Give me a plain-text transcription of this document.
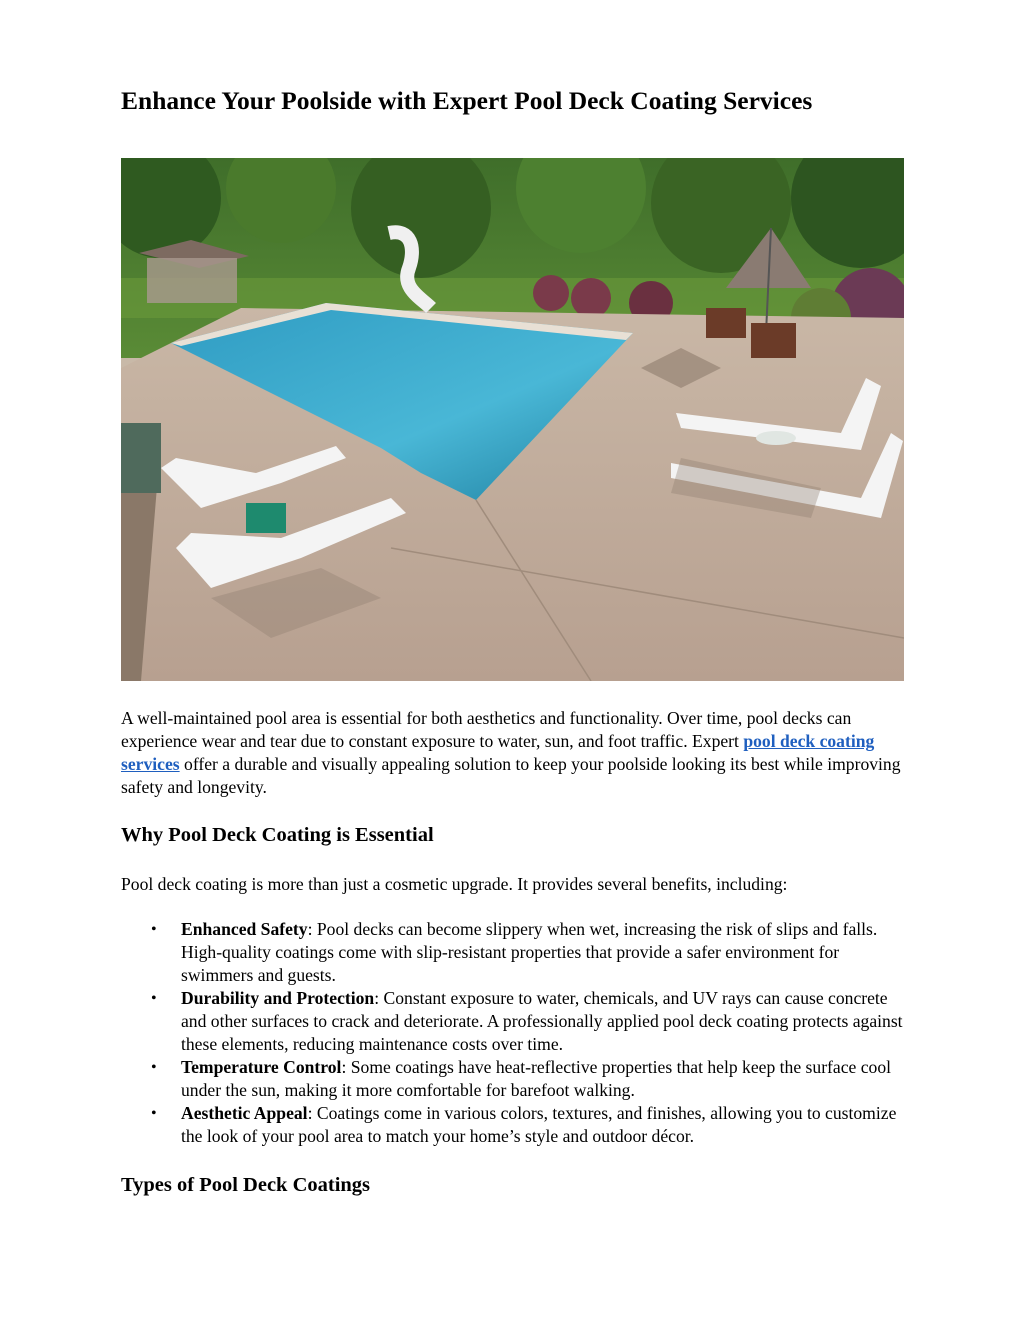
Enhance Your Poolside with Expert Pool Deck Coating Services

A well-maintained pool area is essential for both aesthetics and functionality. Over time, pool decks can experience wear and tear due to constant exposure to water, sun, and foot traffic. Expert pool deck coating services offer a durable and visually appealing solution to keep your poolside looking its best while improving safety and longevity.

Why Pool Deck Coating is Essential

Pool deck coating is more than just a cosmetic upgrade. It provides several benefits, including:

• Enhanced Safety: Pool decks can become slippery when wet, increasing the risk of slips and falls. High-quality coatings come with slip-resistant properties that provide a safer environment for swimmers and guests.
• Durability and Protection: Constant exposure to water, chemicals, and UV rays can cause concrete and other surfaces to crack and deteriorate. A professionally applied pool deck coating protects against these elements, reducing maintenance costs over time.
• Temperature Control: Some coatings have heat-reflective properties that help keep the surface cool under the sun, making it more comfortable for barefoot walking.
• Aesthetic Appeal: Coatings come in various colors, textures, and finishes, allowing you to customize the look of your pool area to match your home’s style and outdoor décor.
Types of Pool Deck Coatings
